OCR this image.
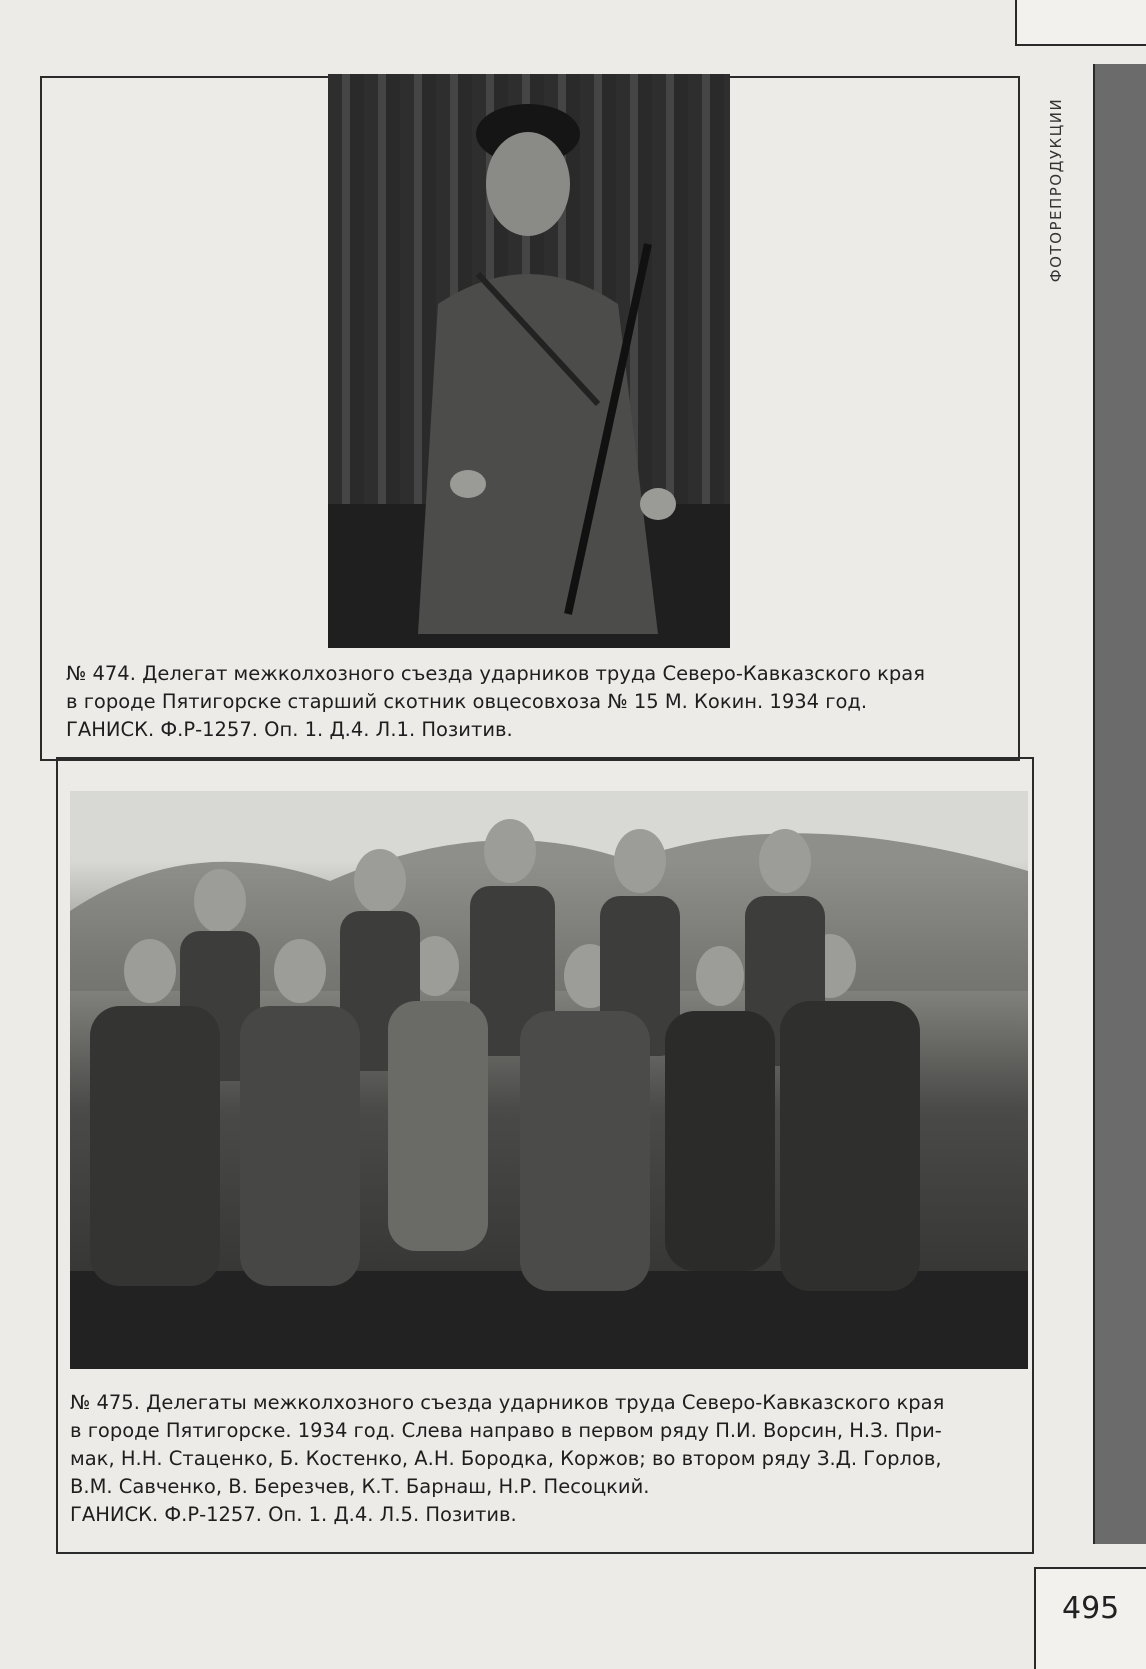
ФОТОРЕПРОДУКЦИИ

№ 474. Делегат межколхозного съезда ударников труда Северо-Кавказского края

в городе Пятигорске старший скотник овцесовхоза № 15 М. Кокин. 1934 год.

ГАНИСК. Ф.Р-1257. Оп. 1. Д.4. Л.1. Позитив.

№ 475. Делегаты межколхозного съезда ударников труда Северо-Кавказского края

в городе Пятигорске. 1934 год. Слева направо в первом ряду П.И. Ворсин, Н.З. При-

мак, Н.Н. Стаценко, Б. Костенко, А.Н. Бородка, Коржов; во втором ряду З.Д. Горлов,

В.М. Савченко, В. Березчев, К.Т. Барнаш, Н.Р. Песоцкий.

ГАНИСК. Ф.Р-1257. Оп. 1. Д.4. Л.5. Позитив.

495
